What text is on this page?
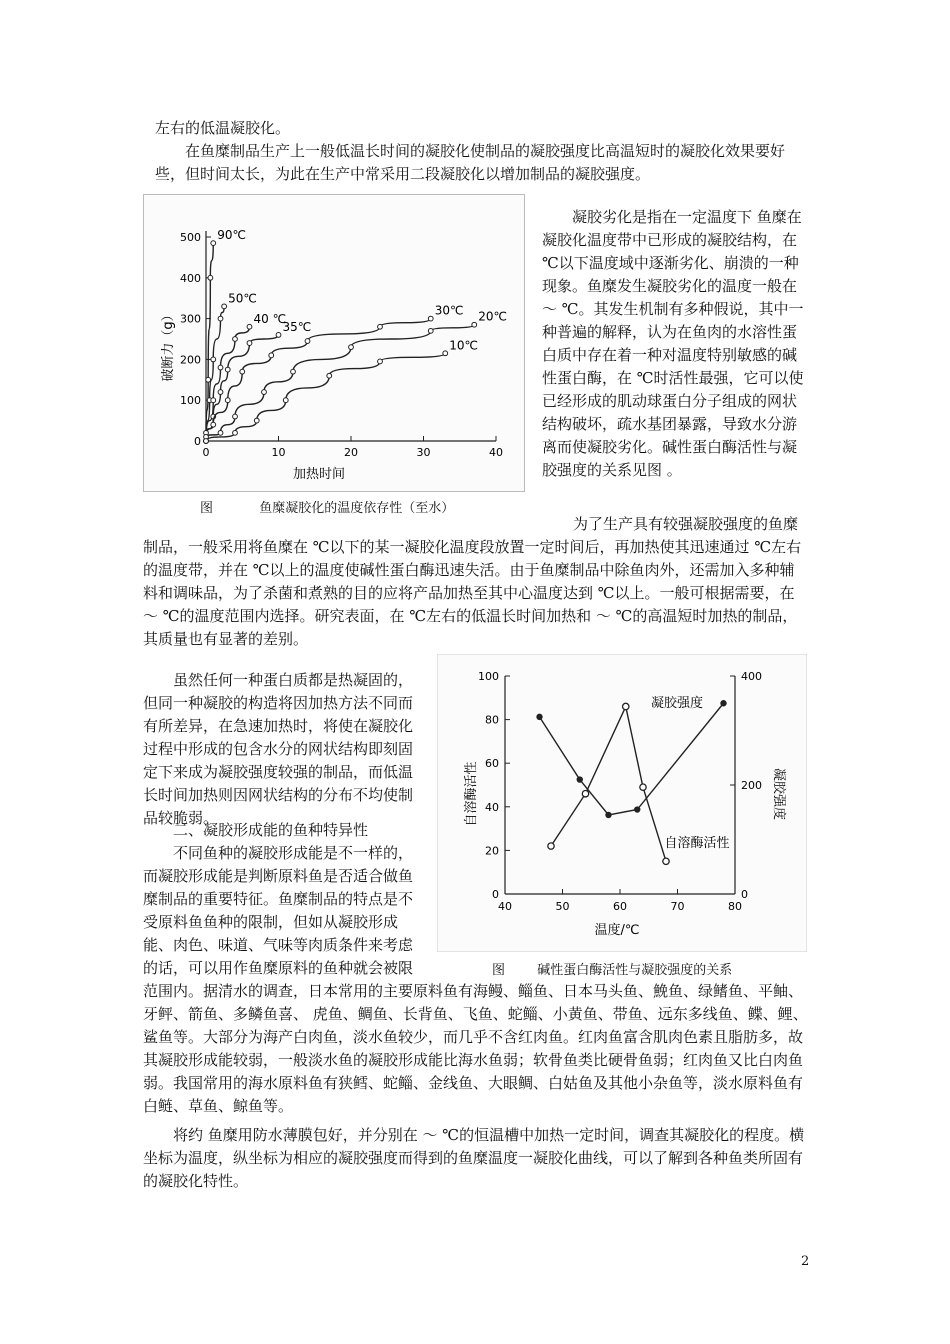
左右的低温凝胶化。

在鱼糜制品生产上一般低温长时间的凝胶化使制品的凝胶强度比高温短时的凝胶化效果要好些，但时间太长，为此在生产中常采用二段凝胶化以增加制品的凝胶强度。

破断力（g）
加热时间
0
100
200
300
400
500
0	10	20	30	40
90℃
50℃
40 ℃
35℃
30℃ 20℃
10℃
图	鱼糜凝胶化的温度依存性（至水）

凝胶劣化是指在一定温度下 鱼糜在凝胶化温度带中已形成的凝胶结构，在 ℃以下温度域中逐渐劣化、崩溃的一种现象。鱼糜发生凝胶劣化的温度一般在 ～ ℃。其发生机制有多种假说，其中一种普遍的解释，认为在鱼肉的水溶性蛋白质中存在着一种对温度特别敏感的碱性蛋白酶，在 ℃时活性最强，它可以使已经形成的肌动球蛋白分子组成的网状结构破坏，疏水基团暴露，导致水分游离而使凝胶劣化。碱性蛋白酶活性与凝胶强度的关系见图 。

为了生产具有较强凝胶强度的鱼糜制品，一般采用将鱼糜在 ℃以下的某一凝胶化温度段放置一定时间后，再加热使其迅速通过 ℃左右的温度带，并在 ℃以上的温度使碱性蛋白酶迅速失活。由于鱼糜制品中除鱼肉外，还需加入多种辅料和调味品，为了杀菌和煮熟的目的应将产品加热至其中心温度达到 ℃以上。一般可根据需要，在 ～ ℃的温度范围内选择。研究表面，在 ℃左右的低温长时间加热和 ～ ℃的高温短时加热的制品，其质量也有显著的差别。

虽然任何一种蛋白质都是热凝固的，但同一种凝胶的构造将因加热方法不同而有所差异，在急速加热时，将使在凝胶化过程中形成的包含水分的网状结构即刻固定下来成为凝胶强度较强的制品，而低温长时间加热则因网状结构的分布不均使制品较脆弱。

二、凝胶形成能的鱼种特异性

不同鱼种的凝胶形成能是不一样的，而凝胶形成能是判断原料鱼是否适合做鱼糜制品的重要特征。鱼糜制品的特点是不受原料鱼鱼种的限制，但如从凝胶形成能、肉色、味道、气味等肉质条件来考虑的话，可以用作鱼糜原料的鱼种就会被限

范围内。据清水的调查，日本常用的主要原料鱼有海鳗、鲻鱼、日本马头鱼、鮸鱼、绿鳍鱼、平鲉、牙鲆、箭鱼、多鳞鱼喜、 虎鱼、鲷鱼、长背鱼、飞鱼、蛇鲻、小黄鱼、带鱼、远东多线鱼、鲽、鲤、鲨鱼等。大部分为海产白肉鱼，淡水鱼较少，而几乎不含红肉鱼。红肉鱼富含肌肉色素且脂肪多，故其凝胶形成能较弱，一般淡水鱼的凝胶形成能比海水鱼弱；软骨鱼类比硬骨鱼弱；红肉鱼又比白肉鱼弱。我国常用的海水原料鱼有狭鳕、蛇鲻、金线鱼、大眼鲷、白姑鱼及其他小杂鱼等，淡水原料鱼有白鲢、草鱼、鲸鱼等。

自溶酶活性	凝胶强度
温度/℃
凝胶强度
自溶酶活性
0
20
40
60
80
100
0
200
400
40	50	60	70	80
图 碱性蛋白酶活性与凝胶强度的关系

将约 鱼糜用防水薄膜包好，并分别在 ～ ℃的恒温槽中加热一定时间，调查其凝胶化的程度。横坐标为温度，纵坐标为相应的凝胶强度而得到的鱼糜温度一凝胶化曲线，可以了解到各种鱼类所固有的凝胶化特性。

2
